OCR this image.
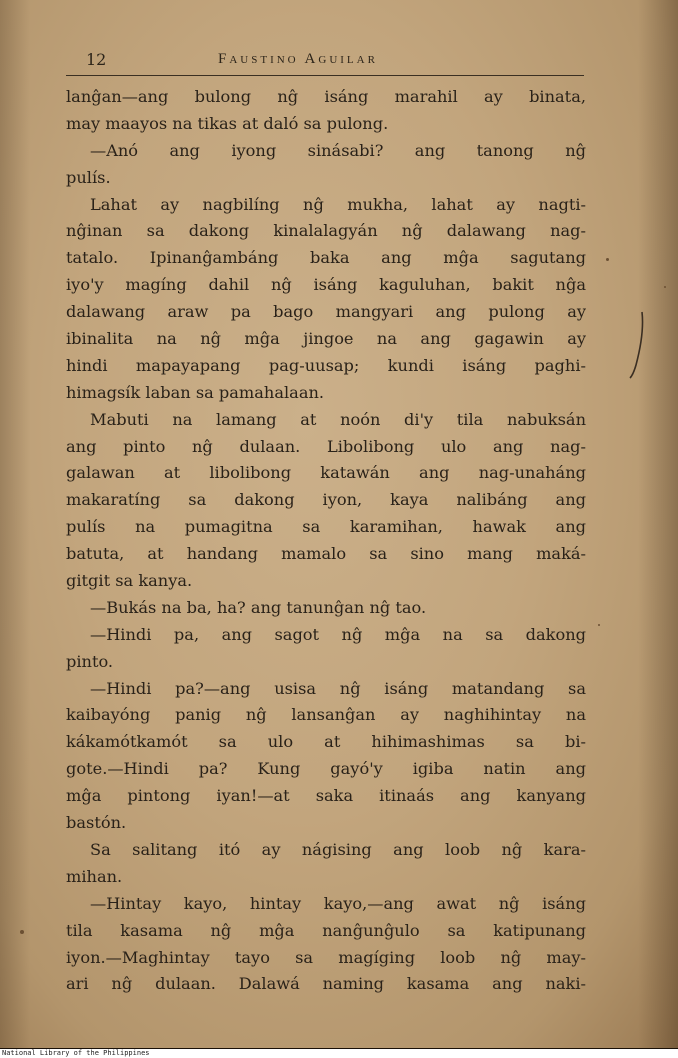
12	Faustino Aguilar
lanĝan—ang bulong nĝ isáng marahil ay binata,
may maayos na tikas at daló sa pulong.
—Anó ang iyong sinásabi? ang tanong nĝ
pulís.
Lahat ay nagbilíng nĝ mukha, lahat ay nagti-
nĝinan sa dakong kinalalagyán nĝ dalawang nag-
tatalo. Ipinanĝambáng baka ang mĝa sagutang
iyo'y magíng dahil nĝ isáng kaguluhan, bakit nĝa
dalawang araw pa bago mangyari ang pulong ay
ibinalita na nĝ mĝa jingoe na ang gagawin ay
hindi mapayapang pag-uusap; kundi isáng paghi-
himagsík laban sa pamahalaan.
Mabuti na lamang at noón di'y tila nabuksán
ang pinto nĝ dulaan. Libolibong ulo ang nag-
galawan at libolibong katawán ang nag-unaháng
makaratíng sa dakong iyon, kaya nalibáng ang
pulís na pumagitna sa karamihan, hawak ang
batuta, at handang mamalo sa sino mang maká-
gitgit sa kanya.
—Bukás na ba, ha? ang tanunĝan nĝ tao.
—Hindi pa, ang sagot nĝ mĝa na sa dakong
pinto.
—Hindi pa?—ang usisa nĝ isáng matandang sa
kaibayóng panig nĝ lansanĝan ay naghihintay na
kákamótkamót sa ulo at hihimashimas sa bi-
gote.—Hindi pa? Kung gayó'y igiba natin ang
mĝa pintong iyan!—at saka itinaás ang kanyang
bastón.
Sa salitang itó ay nágising ang loob nĝ kara-
mihan.
—Hintay kayo, hintay kayo,—ang awat nĝ isáng
tila kasama nĝ mĝa nanĝunĝulo sa katipunang
iyon.—Maghintay tayo sa magíging loob nĝ may-
ari nĝ dulaan. Dalawá naming kasama ang naki-
National Library of the Philippines
